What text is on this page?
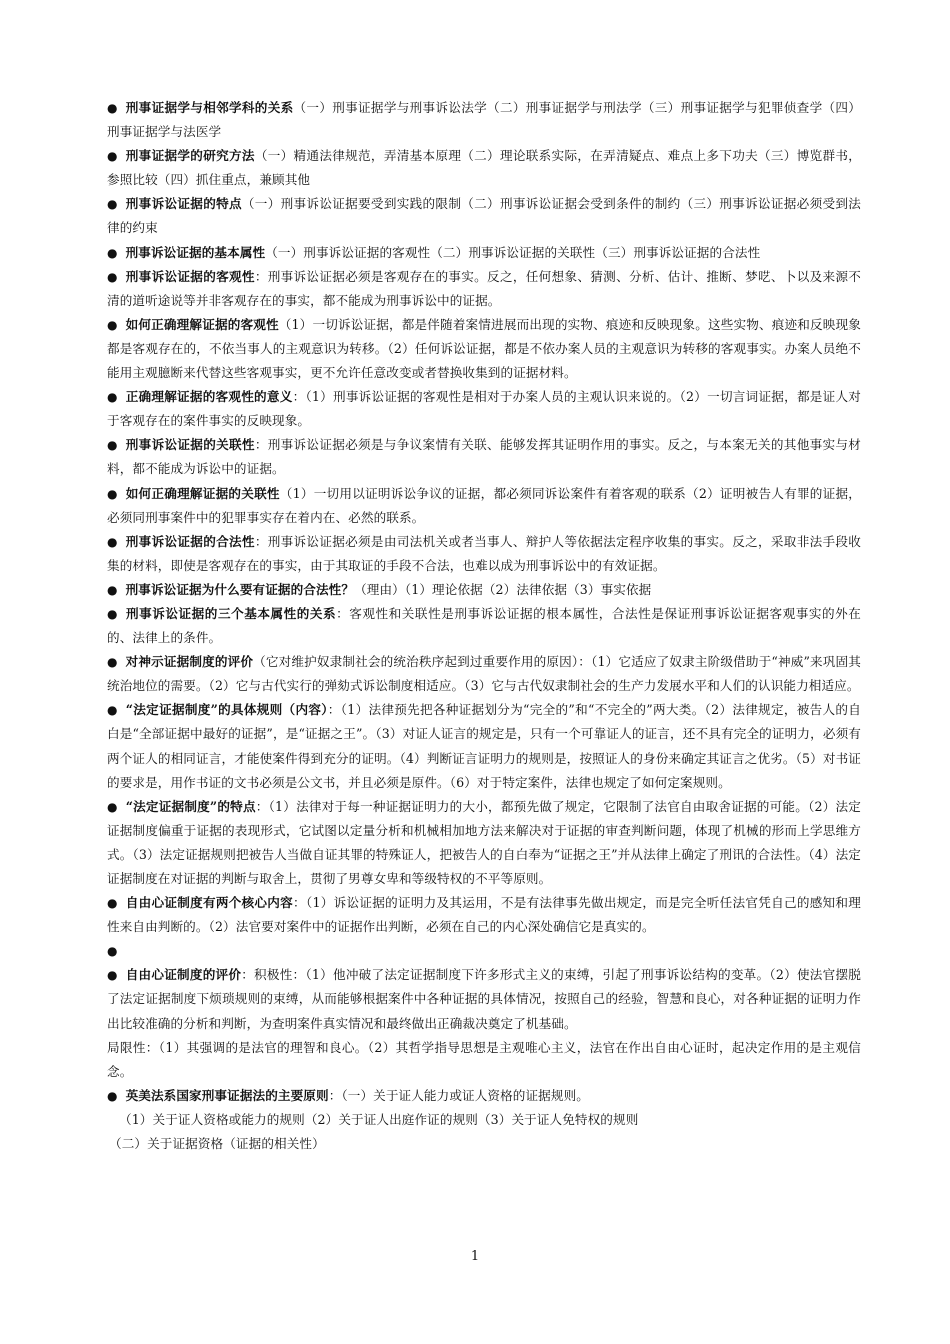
● 刑事证据学与相邻学科的关系（一）刑事证据学与刑事诉讼法学（二）刑事证据学与刑法学（三）刑事证据学与犯罪侦查学（四）刑事证据学与法医学

● 刑事证据学的研究方法（一）精通法律规范，弄清基本原理（二）理论联系实际，在弄清疑点、难点上多下功夫（三）博览群书，参照比较（四）抓住重点，兼顾其他

● 刑事诉讼证据的特点（一）刑事诉讼证据要受到实践的限制（二）刑事诉讼证据会受到条件的制约（三）刑事诉讼证据必须受到法律的约束

● 刑事诉讼证据的基本属性（一）刑事诉讼证据的客观性（二）刑事诉讼证据的关联性（三）刑事诉讼证据的合法性

● 刑事诉讼证据的客观性：刑事诉讼证据必须是客观存在的事实。反之，任何想象、猜测、分析、估计、推断、梦呓、卜以及来源不清的道听途说等并非客观存在的事实，都不能成为刑事诉讼中的证据。

● 如何正确理解证据的客观性（1）一切诉讼证据，都是伴随着案情进展而出现的实物、痕迹和反映现象。这些实物、痕迹和反映现象都是客观存在的，不依当事人的主观意识为转移。（2）任何诉讼证据，都是不依办案人员的主观意识为转移的客观事实。办案人员绝不能用主观臆断来代替这些客观事实，更不允许任意改变或者替换收集到的证据材料。

● 正确理解证据的客观性的意义：（1）刑事诉讼证据的客观性是相对于办案人员的主观认识来说的。（2）一切言词证据，都是证人对于客观存在的案件事实的反映现象。

● 刑事诉讼证据的关联性：刑事诉讼证据必须是与争议案情有关联、能够发挥其证明作用的事实。反之，与本案无关的其他事实与材料，都不能成为诉讼中的证据。

● 如何正确理解证据的关联性（1）一切用以证明诉讼争议的证据，都必须同诉讼案件有着客观的联系（2）证明被告人有罪的证据，必须同刑事案件中的犯罪事实存在着内在、必然的联系。

● 刑事诉讼证据的合法性：刑事诉讼证据必须是由司法机关或者当事人、辩护人等依据法定程序收集的事实。反之，采取非法手段收集的材料，即使是客观存在的事实，由于其取证的手段不合法，也难以成为刑事诉讼中的有效证据。

● 刑事诉讼证据为什么要有证据的合法性？（理由）（1）理论依据（2）法律依据（3）事实依据

● 刑事诉讼证据的三个基本属性的关系：客观性和关联性是刑事诉讼证据的根本属性，合法性是保证刑事诉讼证据客观事实的外在的、法律上的条件。

● 对神示证据制度的评价（它对维护奴隶制社会的统治秩序起到过重要作用的原因）：（1）它适应了奴隶主阶级借助于“神威”来巩固其统治地位的需要。（2）它与古代实行的弹劾式诉讼制度相适应。（3）它与古代奴隶制社会的生产力发展水平和人们的认识能力相适应。

● “法定证据制度”的具体规则（内容）：（1）法律预先把各种证据划分为“完全的”和“不完全的”两大类。（2）法律规定，被告人的自白是“全部证据中最好的证据”，是“证据之王”。（3）对证人证言的规定是，只有一个可靠证人的证言，还不具有完全的证明力，必须有两个证人的相同证言，才能使案件得到充分的证明。（4）判断证言证明力的规则是，按照证人的身份来确定其证言之优劣。（5）对书证的要求是，用作书证的文书必须是公文书，并且必须是原件。（6）对于特定案件，法律也规定了如何定案规则。

● “法定证据制度”的特点：（1）法律对于每一种证据证明力的大小，都预先做了规定，它限制了法官自由取舍证据的可能。（2）法定证据制度偏重于证据的表现形式，它试图以定量分析和机械相加地方法来解决对于证据的审查判断问题，体现了机械的形而上学思维方式。（3）法定证据规则把被告人当做自证其罪的特殊证人，把被告人的自白奉为“证据之王”并从法律上确定了刑讯的合法性。（4）法定证据制度在对证据的判断与取舍上，贯彻了男尊女卑和等级特权的不平等原则。

● 自由心证制度有两个核心内容：（1）诉讼证据的证明力及其运用，不是有法律事先做出规定，而是完全听任法官凭自己的感知和理性来自由判断的。（2）法官要对案件中的证据作出判断，必须在自己的内心深处确信它是真实的。

●

● 自由心证制度的评价：积极性：（1）他冲破了法定证据制度下许多形式主义的束缚，引起了刑事诉讼结构的变革。（2）使法官摆脱了法定证据制度下烦琐规则的束缚，从而能够根据案件中各种证据的具体情况，按照自己的经验，智慧和良心，对各种证据的证明力作出比较准确的分析和判断，为查明案件真实情况和最终做出正确裁决奠定了机基础。

局限性：（1）其强调的是法官的理智和良心。（2）其哲学指导思想是主观唯心主义，法官在作出自由心证时，起决定作用的是主观信念。

● 英美法系国家刑事证据法的主要原则：（一）关于证人能力或证人资格的证据规则。

（1）关于证人资格或能力的规则（2）关于证人出庭作证的规则（3）关于证人免特权的规则

（二）关于证据资格（证据的相关性）

1
